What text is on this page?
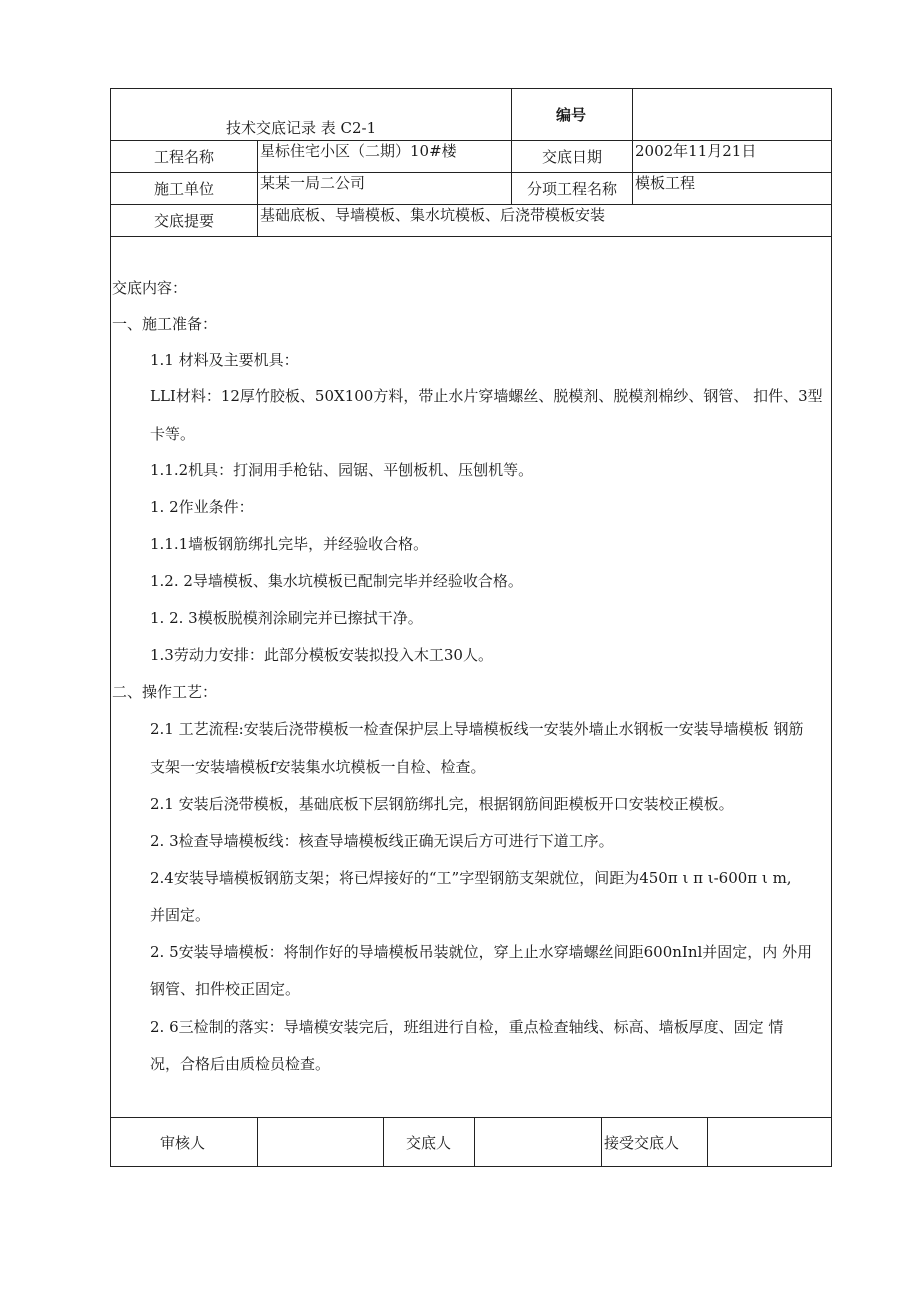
技术交底记录 表 C2-1
编号
工程名称	星标住宅小区（二期）10#楼	交底日期 2002年11月21日
施工单位	某某一局二公司	分项工程名称 模板工程
交底提要	基础底板、导墙模板、集水坑模板、后浇带模板安装
交底内容：
一、施工准备：
1.1 材料及主要机具：
LLI材料：12厚竹胶板、50X100方料，带止水片穿墙螺丝、脱模剂、脱模剂棉纱、钢管、 扣件、3型
卡等。
1.1.2机具：打洞用手枪钻、园锯、平刨板机、压刨机等。
1. 2作业条件：
1.1.1墙板钢筋绑扎完毕，并经验收合格。
1.2. 2导墙模板、集水坑模板已配制完毕并经验收合格。
1. 2. 3模板脱模剂涂刷完并已擦拭干净。
1.3劳动力安排：此部分模板安装拟投入木工30人。
二、操作工艺：
2.1 工艺流程:安装后浇带模板一检查保护层上导墙模板线一安装外墙止水钢板一安装导墙模板 钢筋
支架一安装墙模板f安装集水坑模板一自检、检查。
2.1 安装后浇带模板，基础底板下层钢筋绑扎完，根据钢筋间距模板开口安装校正模板。
2. 3检查导墙模板线：核查导墙模板线正确无误后方可进行下道工序。
2.4安装导墙模板钢筋支架；将已焊接好的“工”字型钢筋支架就位，间距为450π ι π ι-600π ι m,
并固定。
2. 5安装导墙模板：将制作好的导墙模板吊装就位，穿上止水穿墙螺丝间距600nInl并固定，内 外用
钢管、扣件校正固定。
2. 6三检制的落实：导墙模安装完后，班组进行自检，重点检查轴线、标高、墙板厚度、固定 情
况，合格后由质检员检查。
审核人	交底人	接受交底人
